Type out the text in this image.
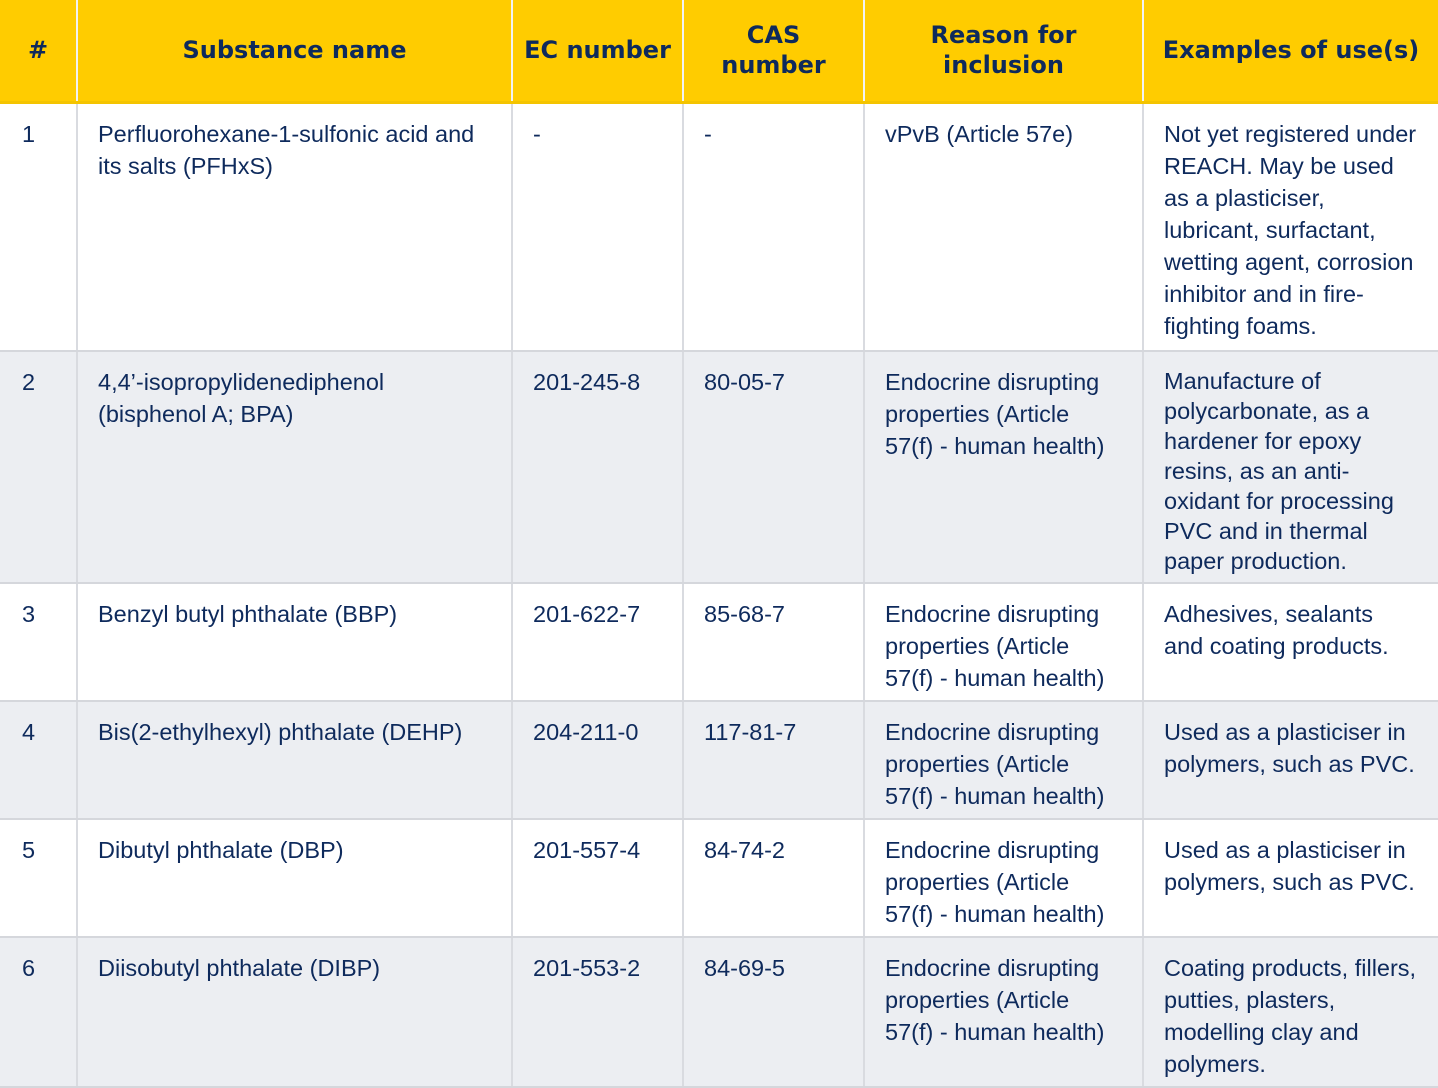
#	Substance name	EC number	CAS number	Reason for inclusion	Examples of use(s)
1	Perfluorohexane-1-sulfonic acid and its salts (PFHxS)	-	-	vPvB (Article 57e)	Not yet registered under REACH. May be used as a plasticiser, lubricant, surfactant, wetting agent, corrosion inhibitor and in fire-fighting foams.
2	4,4’-isopropylidenediphenol (bisphenol A; BPA)	201-245-8	80-05-7	Endocrine disrupting properties (Article 57(f) - human health)	Manufacture of polycarbonate, as a hardener for epoxy resins, as an anti-oxidant for processing PVC and in thermal paper production.
3	Benzyl butyl phthalate (BBP)	201-622-7	85-68-7	Endocrine disrupting properties (Article 57(f) - human health)	Adhesives, sealants and coating products.
4	Bis(2-ethylhexyl) phthalate (DEHP)	204-211-0	117-81-7	Endocrine disrupting properties (Article 57(f) - human health)	Used as a plasticiser in polymers, such as PVC.
5	Dibutyl phthalate (DBP)	201-557-4	84-74-2	Endocrine disrupting properties (Article 57(f) - human health)	Used as a plasticiser in polymers, such as PVC.
6	Diisobutyl phthalate (DIBP)	201-553-2	84-69-5	Endocrine disrupting properties (Article 57(f) - human health)	Coating products, fillers, putties, plasters, modelling clay and polymers.
